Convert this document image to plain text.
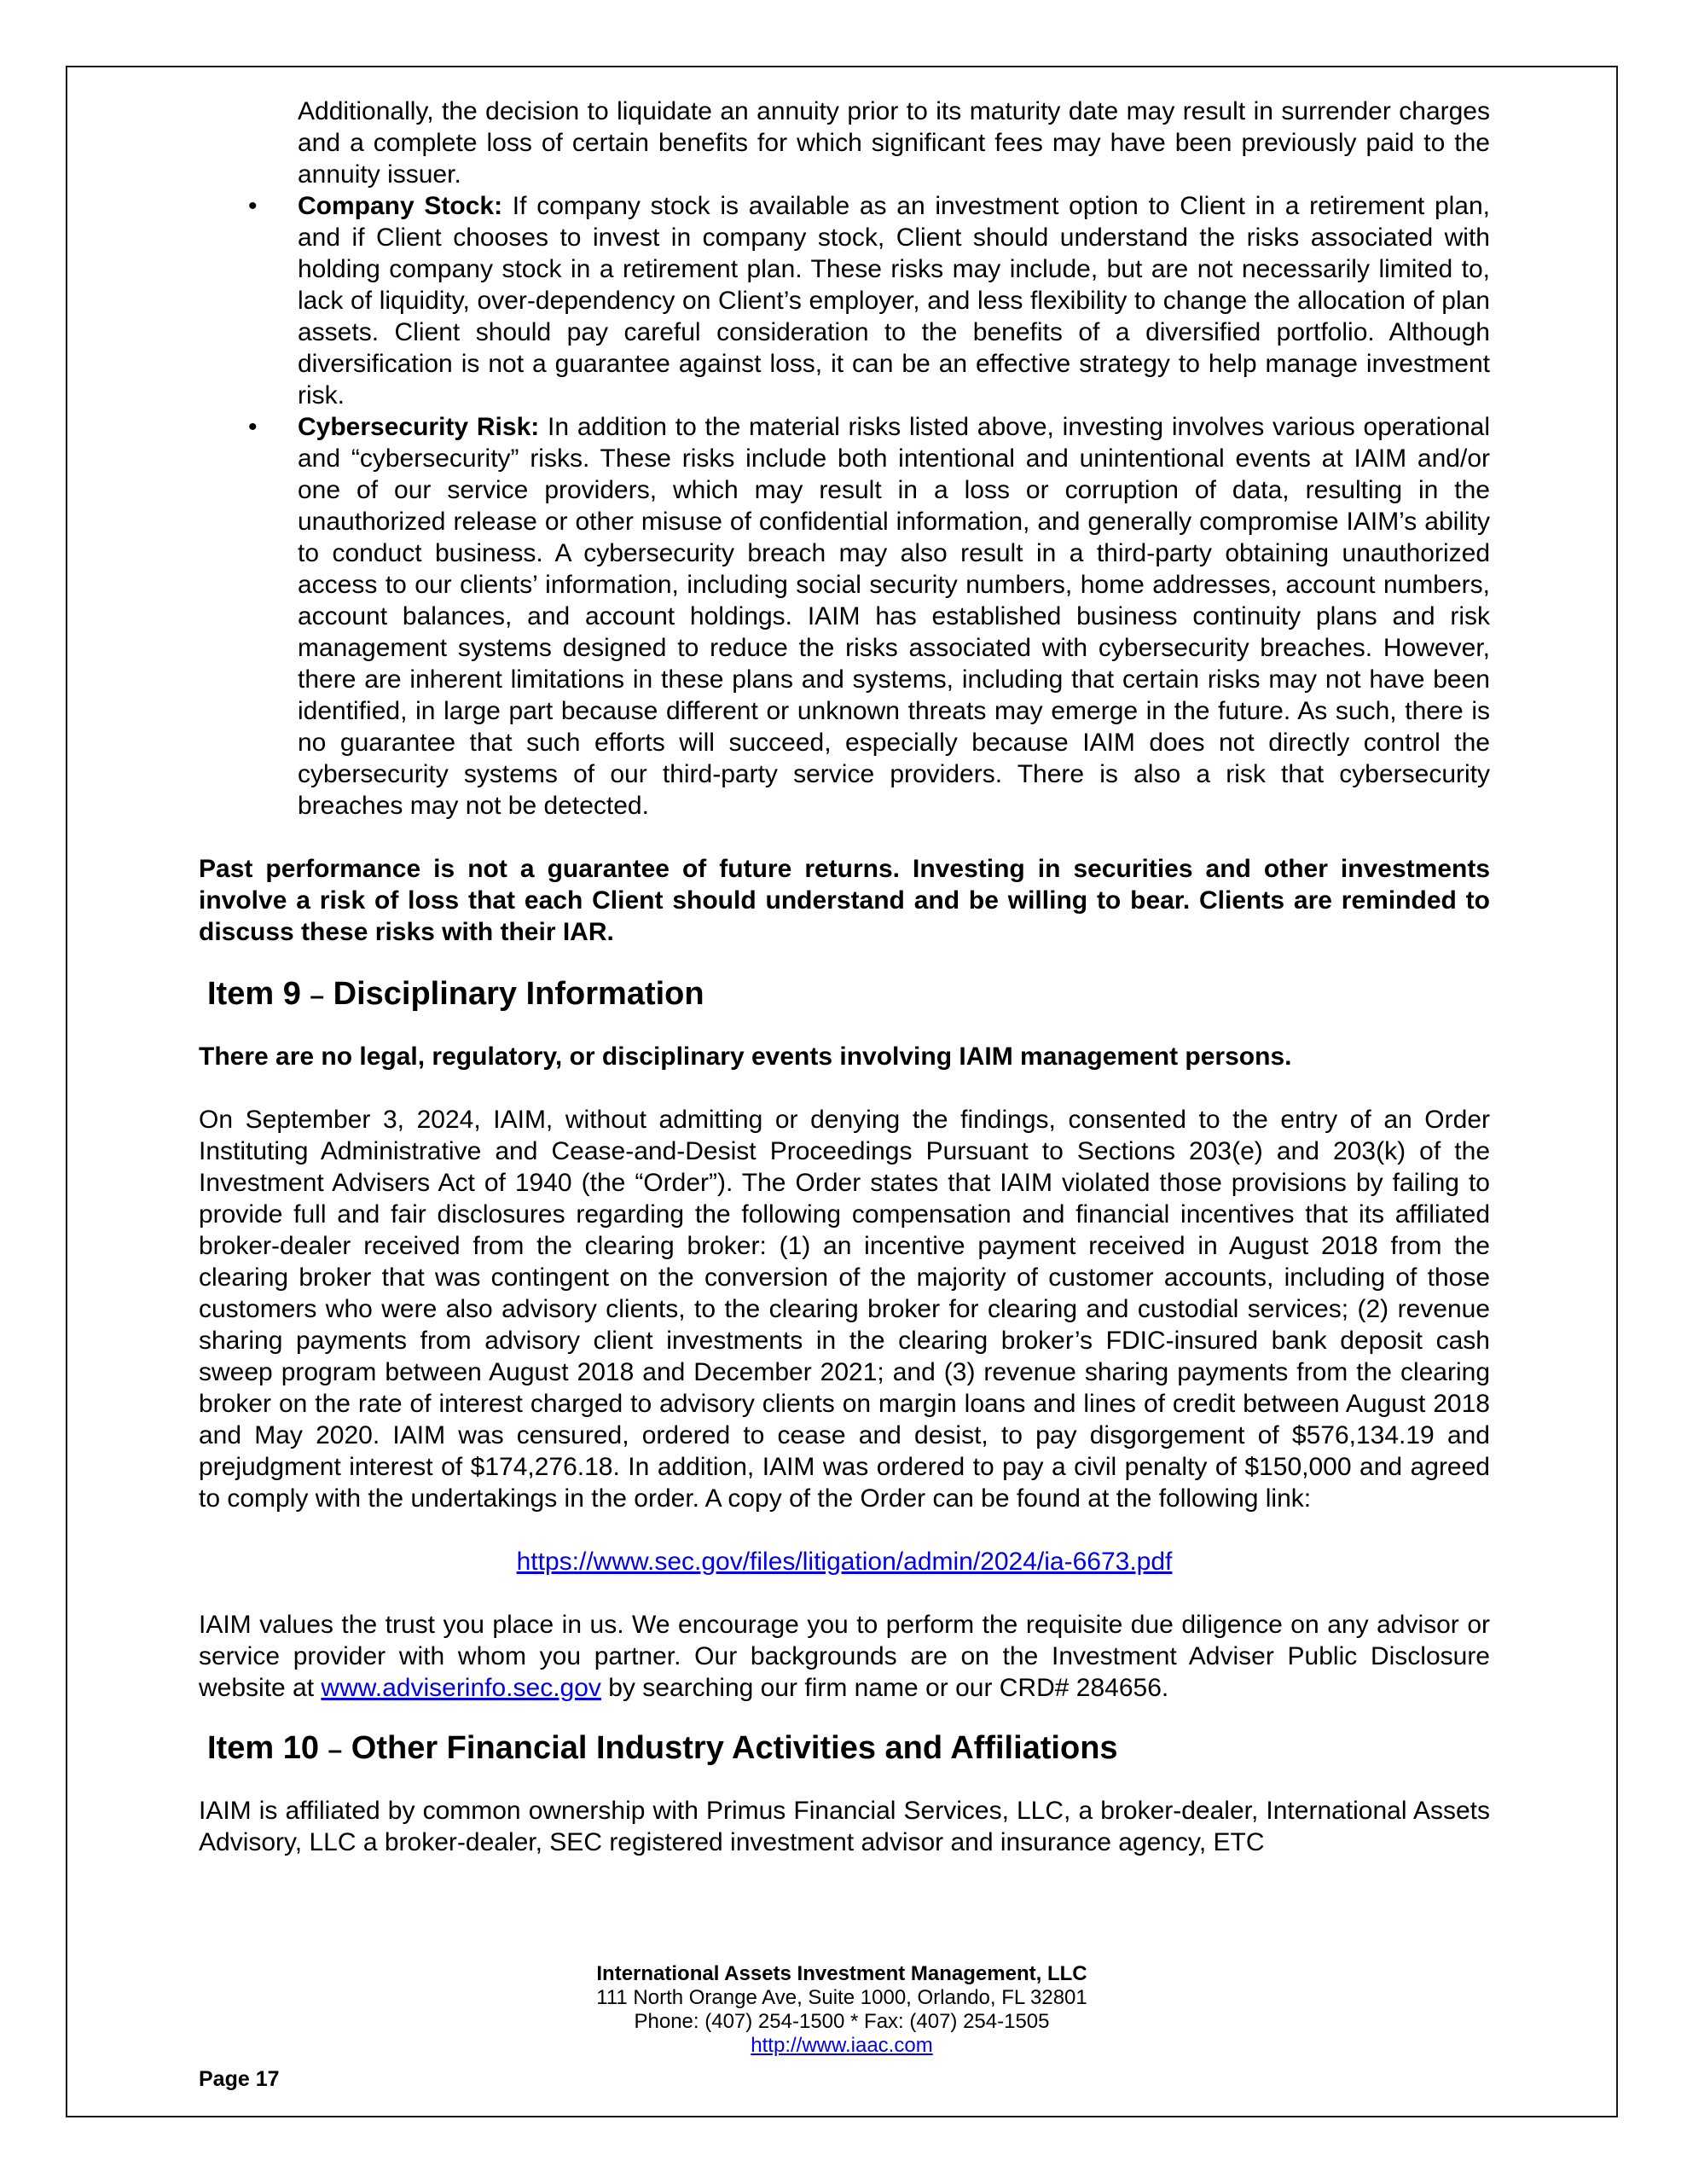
Additionally, the decision to liquidate an annuity prior to its maturity date may result in surrender charges and a complete loss of certain benefits for which significant fees may have been previously paid to the annuity issuer.

• Company Stock: If company stock is available as an investment option to Client in a retirement plan, and if Client chooses to invest in company stock, Client should understand the risks associated with holding company stock in a retirement plan. These risks may include, but are not necessarily limited to, lack of liquidity, over-dependency on Client’s employer, and less flexibility to change the allocation of plan assets. Client should pay careful consideration to the benefits of a diversified portfolio. Although diversification is not a guarantee against loss, it can be an effective strategy to help manage investment risk.
• Cybersecurity Risk: In addition to the material risks listed above, investing involves various operational and “cybersecurity” risks. These risks include both intentional and unintentional events at IAIM and/or one of our service providers, which may result in a loss or corruption of data, resulting in the unauthorized release or other misuse of confidential information, and generally compromise IAIM’s ability to conduct business. A cybersecurity breach may also result in a third-party obtaining unauthorized access to our clients’ information, including social security numbers, home addresses, account numbers, account balances, and account holdings. IAIM has established business continuity plans and risk management systems designed to reduce the risks associated with cybersecurity breaches. However, there are inherent limitations in these plans and systems, including that certain risks may not have been identified, in large part because different or unknown threats may emerge in the future. As such, there is no guarantee that such efforts will succeed, especially because IAIM does not directly control the cybersecurity systems of our third-party service providers. There is also a risk that cybersecurity breaches may not be detected.

Past performance is not a guarantee of future returns. Investing in securities and other investments involve a risk of loss that each Client should understand and be willing to bear. Clients are reminded to discuss these risks with their IAR.

Item 9 – Disciplinary Information

There are no legal, regulatory, or disciplinary events involving IAIM management persons.

On September 3, 2024, IAIM, without admitting or denying the findings, consented to the entry of an Order Instituting Administrative and Cease-and-Desist Proceedings Pursuant to Sections 203(e) and 203(k) of the Investment Advisers Act of 1940 (the “Order”). The Order states that IAIM violated those provisions by failing to provide full and fair disclosures regarding the following compensation and financial incentives that its affiliated broker-dealer received from the clearing broker: (1) an incentive payment received in August 2018 from the clearing broker that was contingent on the conversion of the majority of customer accounts, including of those customers who were also advisory clients, to the clearing broker for clearing and custodial services; (2) revenue sharing payments from advisory client investments in the clearing broker’s FDIC-insured bank deposit cash sweep program between August 2018 and December 2021; and (3) revenue sharing payments from the clearing broker on the rate of interest charged to advisory clients on margin loans and lines of credit between August 2018 and May 2020. IAIM was censured, ordered to cease and desist, to pay disgorgement of $576,134.19 and prejudgment interest of $174,276.18. In addition, IAIM was ordered to pay a civil penalty of $150,000 and agreed to comply with the undertakings in the order. A copy of the Order can be found at the following link:

https://www.sec.gov/files/litigation/admin/2024/ia-6673.pdf

IAIM values the trust you place in us. We encourage you to perform the requisite due diligence on any advisor or service provider with whom you partner. Our backgrounds are on the Investment Adviser Public Disclosure website at www.adviserinfo.sec.gov by searching our firm name or our CRD# 284656.

Item 10 – Other Financial Industry Activities and Affiliations

IAIM is affiliated by common ownership with Primus Financial Services, LLC, a broker-dealer, International Assets Advisory, LLC a broker-dealer, SEC registered investment advisor and insurance agency, ETC

International Assets Investment Management, LLC
111 North Orange Ave, Suite 1000, Orlando, FL 32801
Phone: (407) 254-1500 * Fax: (407) 254-1505
http://www.iaac.com
Page 17
